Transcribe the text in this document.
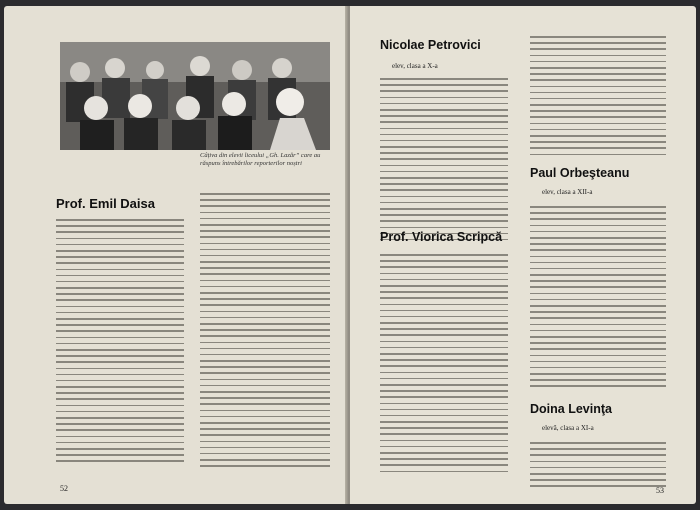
Câțiva din elevii liceului „Gh. Lazăr” care au răspuns întrebărilor reporterilor noștri
Prof. Emil Daisa
52
Nicolae Petrovici
elev, clasa a X-a
Prof. Viorica Scripcă
Paul Orbeşteanu
elev, clasa a XII-a
Doina Levinţa
elevă, clasa a XI-a
53
